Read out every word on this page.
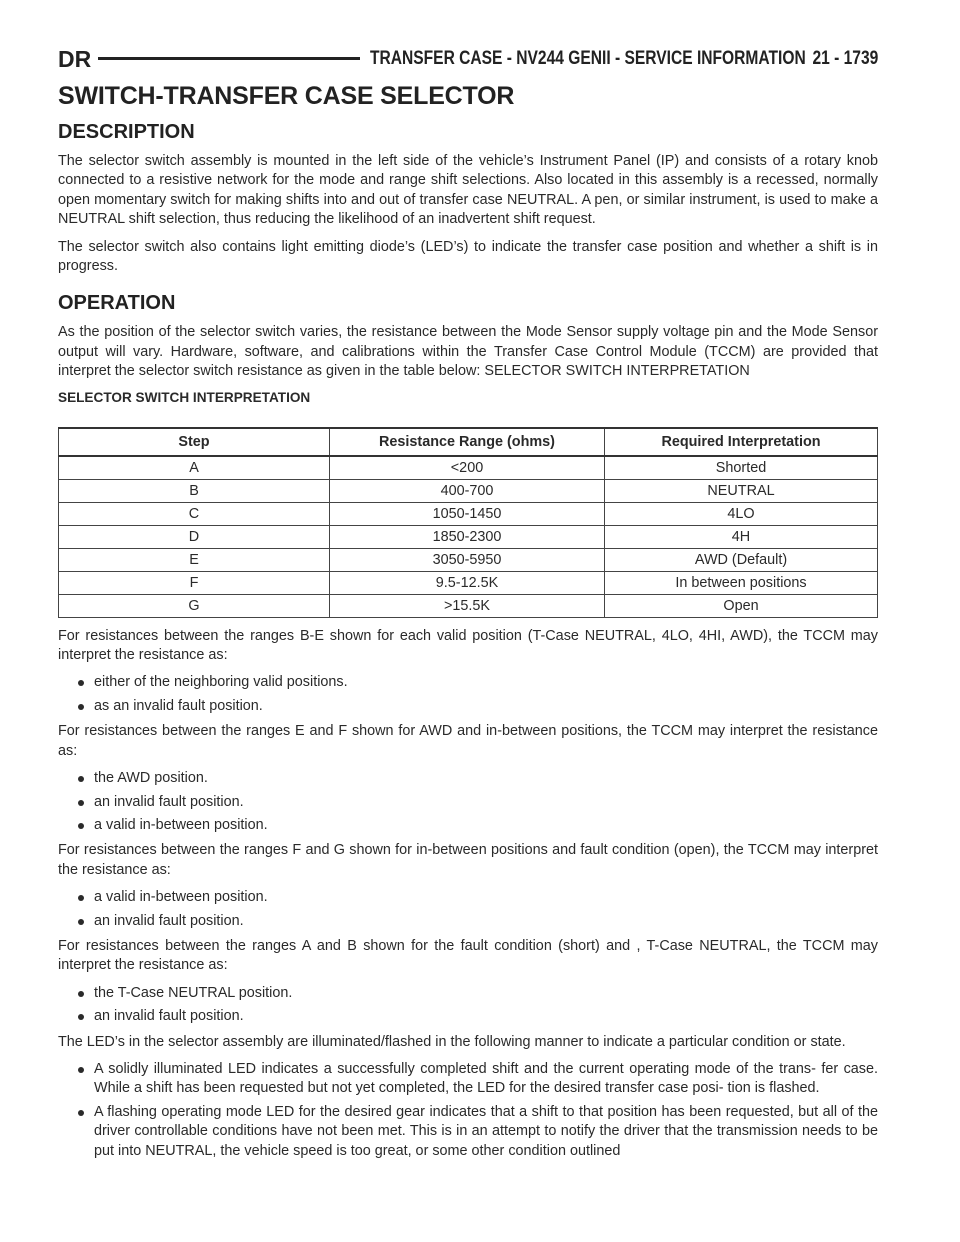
DR	TRANSFER CASE - NV244 GENII - SERVICE INFORMATION 21 - 1739
SWITCH-TRANSFER CASE SELECTOR
DESCRIPTION

The selector switch assembly is mounted in the left side of the vehicle’s Instrument Panel (IP) and consists of a rotary knob connected to a resistive network for the mode and range shift selections. Also located in this assembly is a recessed, normally open momentary switch for making shifts into and out of transfer case NEUTRAL. A pen, or similar instrument, is used to make a NEUTRAL shift selection, thus reducing the likelihood of an inadvertent shift request.

The selector switch also contains light emitting diode’s (LED’s) to indicate the transfer case position and whether a shift is in progress.

OPERATION

As the position of the selector switch varies, the resistance between the Mode Sensor supply voltage pin and the Mode Sensor output will vary. Hardware, software, and calibrations within the Transfer Case Control Module (TCCM) are provided that interpret the selector switch resistance as given in the table below: SELECTOR SWITCH INTERPRETATION

SELECTOR SWITCH INTERPRETATION
Step	Resistance Range (ohms)	Required Interpretation
A	<200	Shorted
B	400-700	NEUTRAL
C	1050-1450	4LO
D	1850-2300	4H
E	3050-5950	AWD (Default)
F	9.5-12.5K	In between positions
G	>15.5K	Open

For resistances between the ranges B-E shown for each valid position (T-Case NEUTRAL, 4LO, 4HI, AWD), the TCCM may interpret the resistance as:

either of the neighboring valid positions.
as an invalid fault position.

For resistances between the ranges E and F shown for AWD and in-between positions, the TCCM may interpret the resistance as:

the AWD position.
an invalid fault position.
a valid in-between position.

For resistances between the ranges F and G shown for in-between positions and fault condition (open), the TCCM may interpret the resistance as:

a valid in-between position.
an invalid fault position.

For resistances between the ranges A and B shown for the fault condition (short) and , T-Case NEUTRAL, the TCCM may interpret the resistance as:

the T-Case NEUTRAL position.
an invalid fault position.

The LED’s in the selector assembly are illuminated/flashed in the following manner to indicate a particular condition or state.

A solidly illuminated LED indicates a successfully completed shift and the current operating mode of the trans- fer case. While a shift has been requested but not yet completed, the LED for the desired transfer case posi- tion is flashed.
A flashing operating mode LED for the desired gear indicates that a shift to that position has been requested, but all of the driver controllable conditions have not been met. This is in an attempt to notify the driver that the transmission needs to be put into NEUTRAL, the vehicle speed is too great, or some other condition outlined
